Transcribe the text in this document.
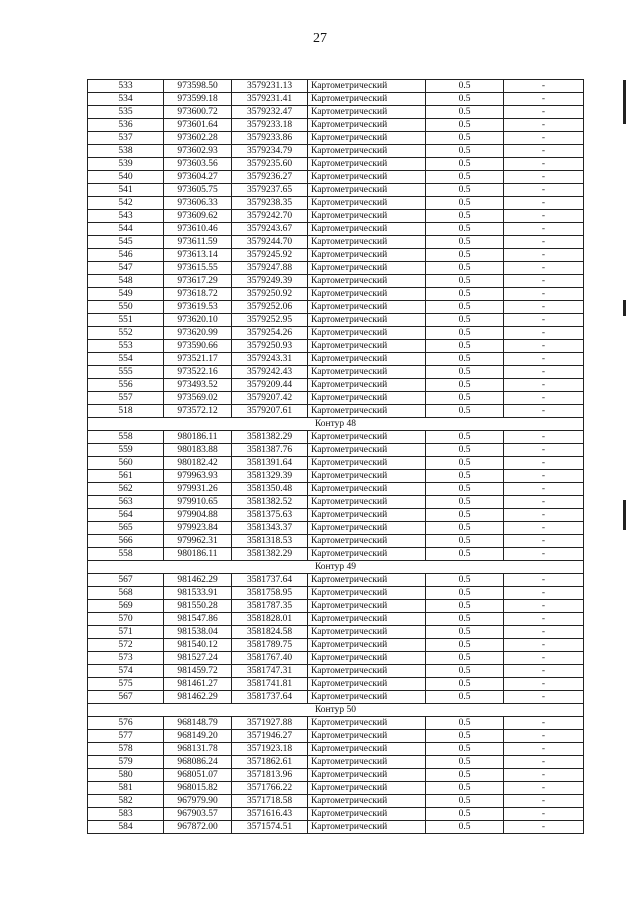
27
533	973598.50	3579231.13	Картометрический	0.5	-
534	973599.18	3579231.41	Картометрический	0.5	-
535	973600.72	3579232.47	Картометрический	0.5	-
536	973601.64	3579233.18	Картометрический	0.5	-
537	973602.28	3579233.86	Картометрический	0.5	-
538	973602.93	3579234.79	Картометрический	0.5	-
539	973603.56	3579235.60	Картометрический	0.5	-
540	973604.27	3579236.27	Картометрический	0.5	-
541	973605.75	3579237.65	Картометрический	0.5	-
542	973606.33	3579238.35	Картометрический	0.5	-
543	973609.62	3579242.70	Картометрический	0.5	-
544	973610.46	3579243.67	Картометрический	0.5	-
545	973611.59	3579244.70	Картометрический	0.5	-
546	973613.14	3579245.92	Картометрический	0.5	-
547	973615.55	3579247.88	Картометрический	0.5	-
548	973617.29	3579249.39	Картометрический	0.5	-
549	973618.72	3579250.92	Картометрический	0.5	-
550	973619.53	3579252.06	Картометрический	0.5	-
551	973620.10	3579252.95	Картометрический	0.5	-
552	973620.99	3579254.26	Картометрический	0.5	-
553	973590.66	3579250.93	Картометрический	0.5	-
554	973521.17	3579243.31	Картометрический	0.5	-
555	973522.16	3579242.43	Картометрический	0.5	-
556	973493.52	3579209.44	Картометрический	0.5	-
557	973569.02	3579207.42	Картометрический	0.5	-
518	973572.12	3579207.61	Картометрический	0.5	-
Контур 48					
558	980186.11	3581382.29	Картометрический	0.5	-
559	980183.88	3581387.76	Картометрический	0.5	-
560	980182.42	3581391.64	Картометрический	0.5	-
561	979963.93	3581329.39	Картометрический	0.5	-
562	979931.26	3581350.48	Картометрический	0.5	-
563	979910.65	3581382.52	Картометрический	0.5	-
564	979904.88	3581375.63	Картометрический	0.5	-
565	979923.84	3581343.37	Картометрический	0.5	-
566	979962.31	3581318.53	Картометрический	0.5	-
558	980186.11	3581382.29	Картометрический	0.5	-
Контур 49					
567	981462.29	3581737.64	Картометрический	0.5	-
568	981533.91	3581758.95	Картометрический	0.5	-
569	981550.28	3581787.35	Картометрический	0.5	-
570	981547.86	3581828.01	Картометрический	0.5	-
571	981538.04	3581824.58	Картометрический	0.5	-
572	981540.12	3581789.75	Картометрический	0.5	-
573	981527.24	3581767.40	Картометрический	0.5	-
574	981459.72	3581747.31	Картометрический	0.5	-
575	981461.27	3581741.81	Картометрический	0.5	-
567	981462.29	3581737.64	Картометрический	0.5	-
Контур 50					
576	968148.79	3571927.88	Картометрический	0.5	-
577	968149.20	3571946.27	Картометрический	0.5	-
578	968131.78	3571923.18	Картометрический	0.5	-
579	968086.24	3571862.61	Картометрический	0.5	-
580	968051.07	3571813.96	Картометрический	0.5	-
581	968015.82	3571766.22	Картометрический	0.5	-
582	967979.90	3571718.58	Картометрический	0.5	-
583	967903.57	3571616.43	Картометрический	0.5	-
584	967872.00	3571574.51	Картометрический	0.5	-
